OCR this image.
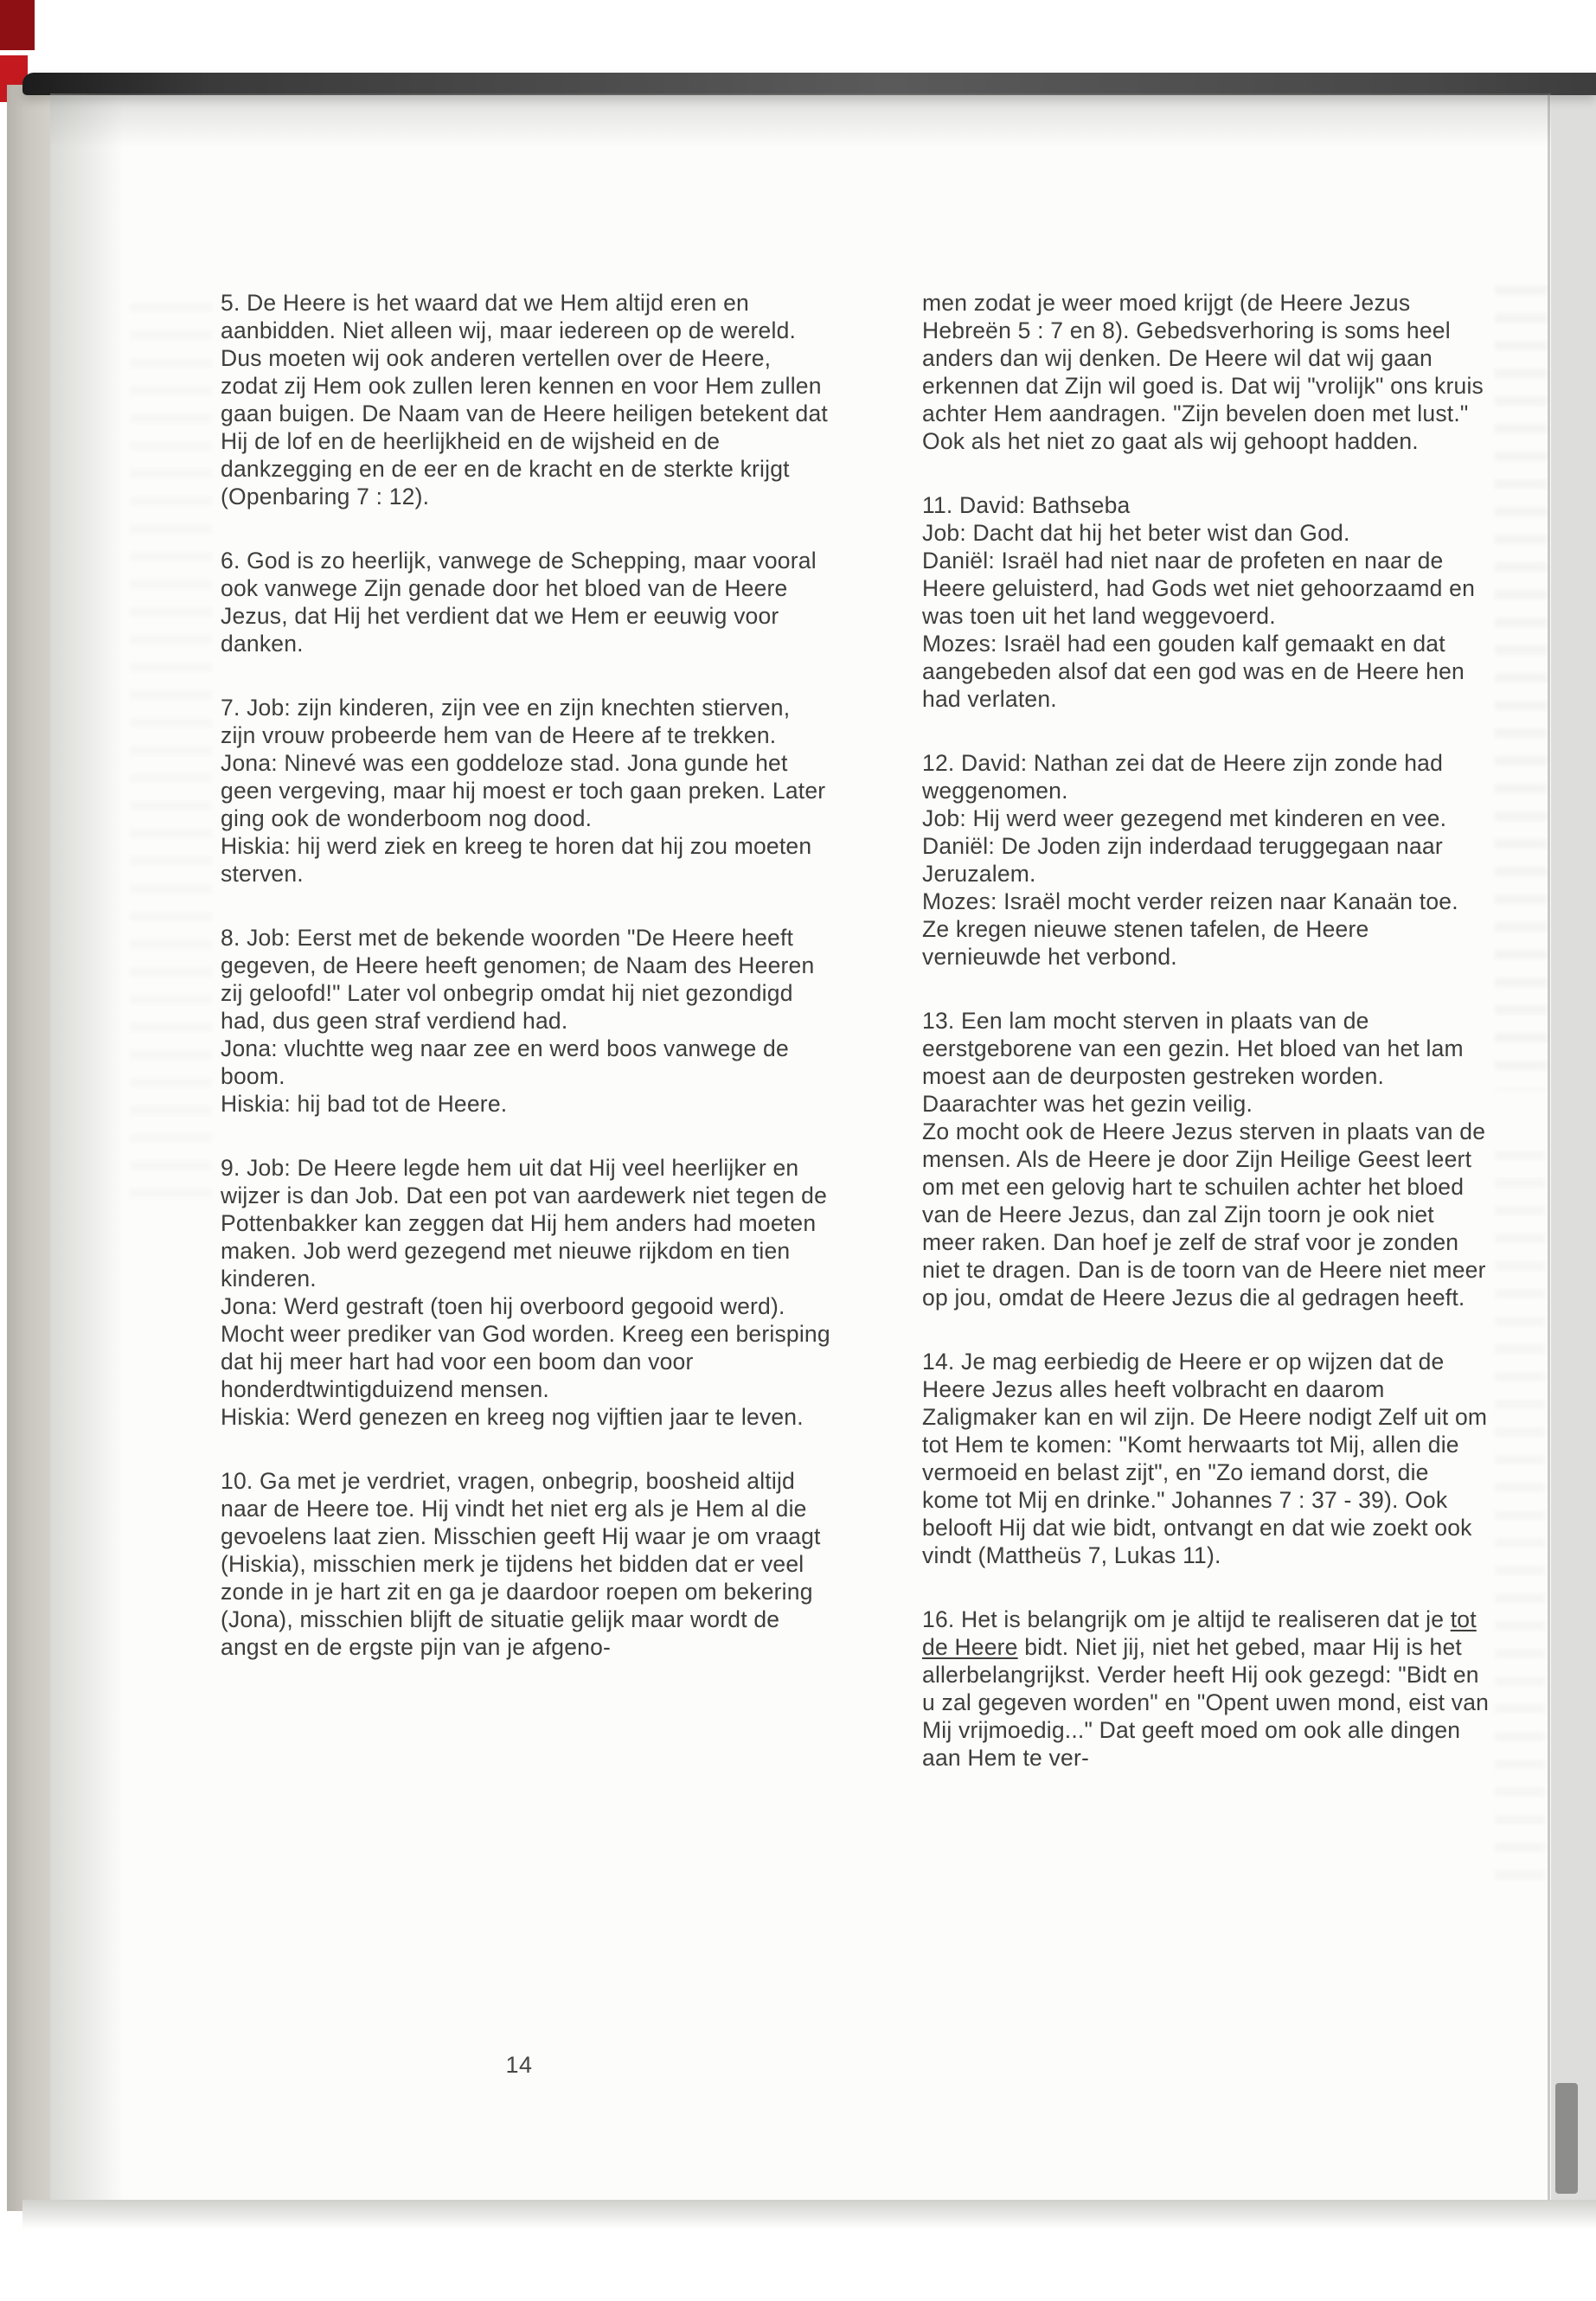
5. De Heere is het waard dat we Hem altijd eren en aanbidden. Niet alleen wij, maar iedereen op de wereld. Dus moeten wij ook anderen vertellen over de Heere, zodat zij Hem ook zullen leren kennen en voor Hem zullen gaan buigen. De Naam van de Heere heiligen betekent dat Hij de lof en de heerlijkheid en de wijsheid en de dankzegging en de eer en de kracht en de sterkte krijgt (Openbaring 7 : 12).
6. God is zo heerlijk, vanwege de Schepping, maar vooral ook vanwege Zijn genade door het bloed van de Heere Jezus, dat Hij het verdient dat we Hem er eeuwig voor danken.
7. Job: zijn kinderen, zijn vee en zijn knechten stierven, zijn vrouw probeerde hem van de Heere af te trekken.
Jona: Ninevé was een goddeloze stad. Jona gunde het geen vergeving, maar hij moest er toch gaan preken. Later ging ook de wonderboom nog dood.
Hiskia: hij werd ziek en kreeg te horen dat hij zou moeten sterven.
8. Job: Eerst met de bekende woorden "De Heere heeft gegeven, de Heere heeft genomen; de Naam des Heeren zij geloofd!" Later vol onbegrip omdat hij niet gezondigd had, dus geen straf verdiend had.
Jona: vluchtte weg naar zee en werd boos vanwege de boom.
Hiskia: hij bad tot de Heere.
9. Job: De Heere legde hem uit dat Hij veel heerlijker en wijzer is dan Job. Dat een pot van aardewerk niet tegen de Pottenbakker kan zeggen dat Hij hem anders had moeten maken. Job werd gezegend met nieuwe rijkdom en tien kinderen.
Jona: Werd gestraft (toen hij overboord gegooid werd). Mocht weer prediker van God worden. Kreeg een berisping dat hij meer hart had voor een boom dan voor honderdtwintigduizend mensen.
Hiskia: Werd genezen en kreeg nog vijftien jaar te leven.
10. Ga met je verdriet, vragen, onbegrip, boosheid altijd naar de Heere toe. Hij vindt het niet erg als je Hem al die gevoelens laat zien. Misschien geeft Hij waar je om vraagt (Hiskia), misschien merk je tijdens het bidden dat er veel zonde in je hart zit en ga je daardoor roepen om bekering (Jona), misschien blijft de situatie gelijk maar wordt de angst en de ergste pijn van je afgeno-
men zodat je weer moed krijgt (de Heere Jezus Hebreën 5 : 7 en 8). Gebedsverhoring is soms heel anders dan wij denken. De Heere wil dat wij gaan erkennen dat Zijn wil goed is. Dat wij "vrolijk" ons kruis achter Hem aandragen. "Zijn bevelen doen met lust." Ook als het niet zo gaat als wij gehoopt hadden.
11. David: Bathseba
Job: Dacht dat hij het beter wist dan God.
Daniël: Israël had niet naar de profeten en naar de Heere geluisterd, had Gods wet niet gehoorzaamd en was toen uit het land weggevoerd.
Mozes: Israël had een gouden kalf gemaakt en dat aangebeden alsof dat een god was en de Heere hen had verlaten.
12. David: Nathan zei dat de Heere zijn zonde had weggenomen.
Job: Hij werd weer gezegend met kinderen en vee.
Daniël: De Joden zijn inderdaad teruggegaan naar Jeruzalem.
Mozes: Israël mocht verder reizen naar Kanaän toe. Ze kregen nieuwe stenen tafelen, de Heere vernieuwde het verbond.
13. Een lam mocht sterven in plaats van de eerstgeborene van een gezin. Het bloed van het lam moest aan de deurposten gestreken worden. Daarachter was het gezin veilig.
Zo mocht ook de Heere Jezus sterven in plaats van de mensen. Als de Heere je door Zijn Heilige Geest leert om met een gelovig hart te schuilen achter het bloed van de Heere Jezus, dan zal Zijn toorn je ook niet meer raken. Dan hoef je zelf de straf voor je zonden niet te dragen. Dan is de toorn van de Heere niet meer op jou, omdat de Heere Jezus die al gedragen heeft.
14. Je mag eerbiedig de Heere er op wijzen dat de Heere Jezus alles heeft volbracht en daarom Zaligmaker kan en wil zijn. De Heere nodigt Zelf uit om tot Hem te komen: "Komt herwaarts tot Mij, allen die vermoeid en belast zijt", en "Zo iemand dorst, die kome tot Mij en drinke." Johannes 7 : 37 - 39). Ook belooft Hij dat wie bidt, ontvangt en dat wie zoekt ook vindt (Mattheüs 7, Lukas 11).
16. Het is belangrijk om je altijd te realiseren dat je tot de Heere bidt. Niet jij, niet het gebed, maar Hij is het allerbelangrijkst. Verder heeft Hij ook gezegd: "Bidt en u zal gegeven worden" en "Opent uwen mond, eist van Mij vrijmoedig..." Dat geeft moed om ook alle dingen aan Hem te ver-
14
